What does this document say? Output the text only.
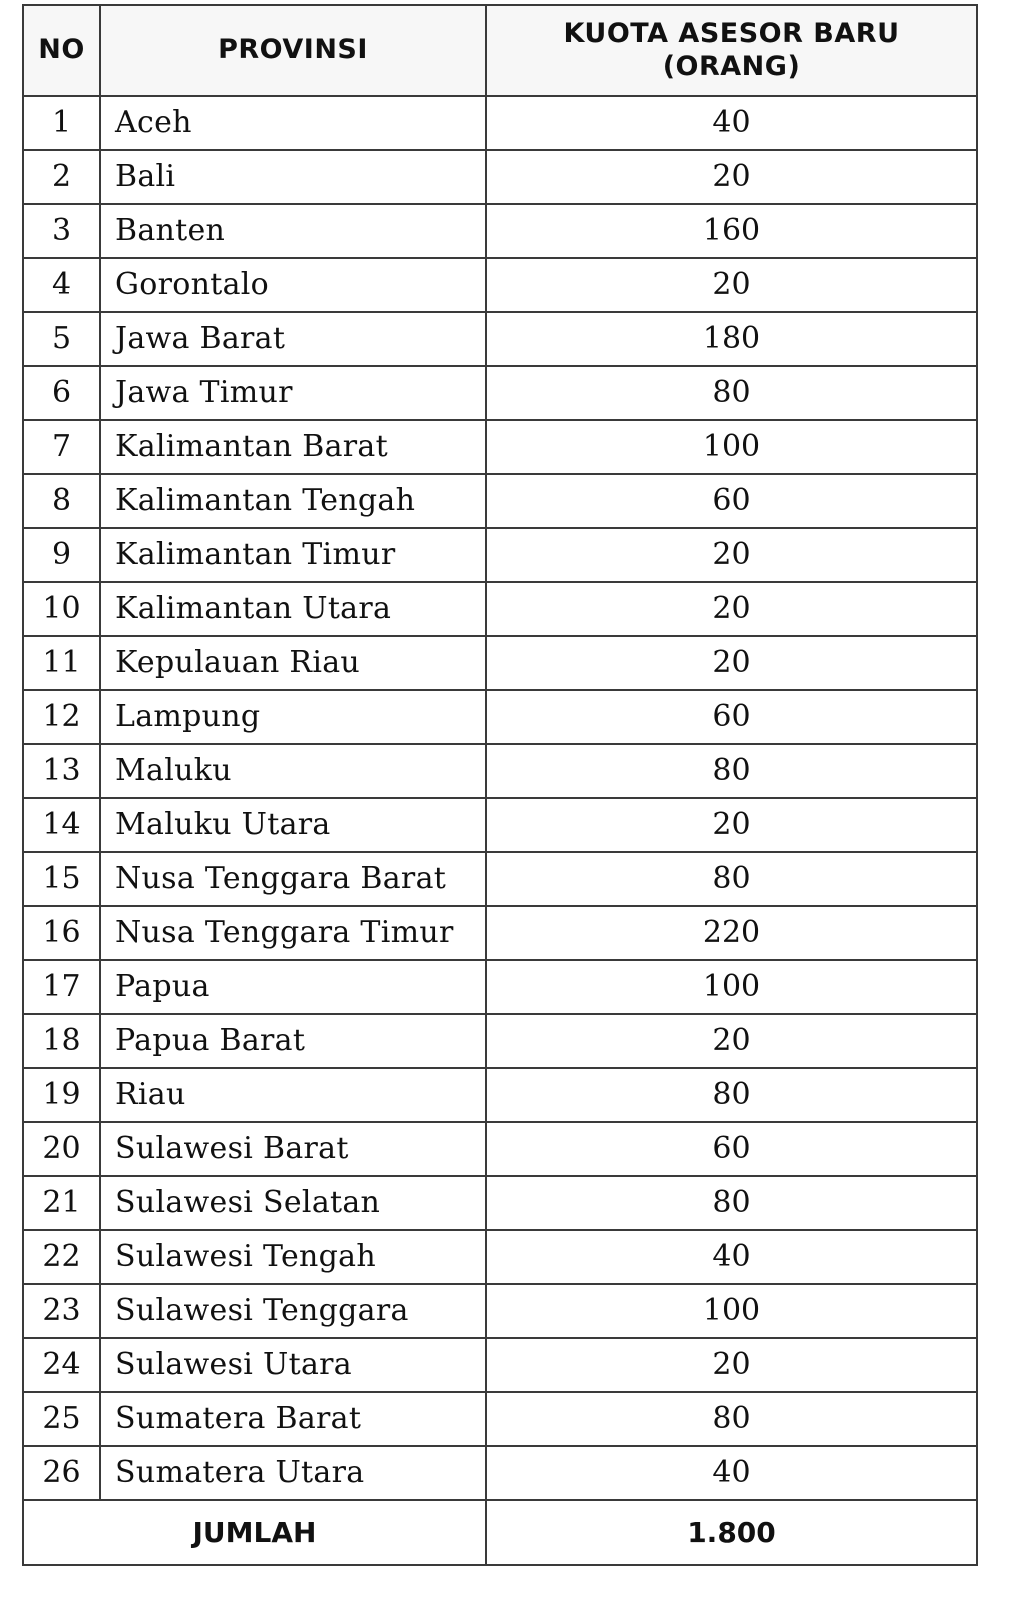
NO	PROVINSI	KUOTA ASESOR BARU
(ORANG)

1	Aceh	40
2	Bali	20
3	Banten	160
4	Gorontalo	20
5	Jawa Barat	180
6	Jawa Timur	80
7	Kalimantan Barat	100
8	Kalimantan Tengah	60
9	Kalimantan Timur	20
10	Kalimantan Utara	20
11	Kepulauan Riau	20
12	Lampung	60
13	Maluku	80
14	Maluku Utara	20
15	Nusa Tenggara Barat	80
16	Nusa Tenggara Timur	220
17	Papua	100
18	Papua Barat	20
19	Riau	80
20	Sulawesi Barat	60
21	Sulawesi Selatan	80
22	Sulawesi Tengah	40
23	Sulawesi Tenggara	100
24	Sulawesi Utara	20
25	Sumatera Barat	80
26	Sumatera Utara	40
JUMLAH		1.800
